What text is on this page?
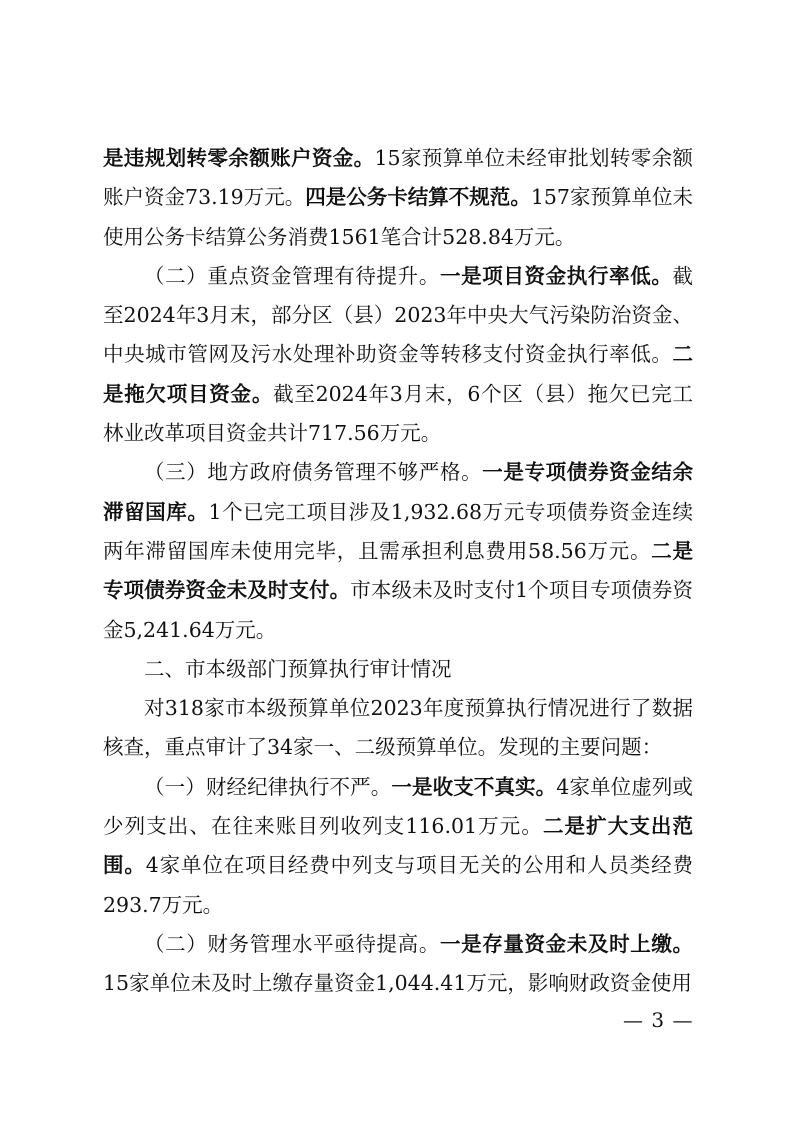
是违规划转零余额账户资金。15家预算单位未经审批划转零余额账户资金73.19万元。四是公务卡结算不规范。157家预算单位未使用公务卡结算公务消费1561笔合计528.84万元。

（二）重点资金管理有待提升。一是项目资金执行率低。截至2024年3月末，部分区（县）2023年中央大气污染防治资金、中央城市管网及污水处理补助资金等转移支付资金执行率低。二是拖欠项目资金。截至2024年3月末，6个区（县）拖欠已完工林业改革项目资金共计717.56万元。

（三）地方政府债务管理不够严格。一是专项债券资金结余滞留国库。1个已完工项目涉及1,932.68万元专项债券资金连续两年滞留国库未使用完毕，且需承担利息费用58.56万元。二是专项债券资金未及时支付。市本级未及时支付1个项目专项债券资金5,241.64万元。

二、市本级部门预算执行审计情况

对318家市本级预算单位2023年度预算执行情况进行了数据核查，重点审计了34家一、二级预算单位。发现的主要问题：

（一）财经纪律执行不严。一是收支不真实。4家单位虚列或少列支出、在往来账目列收列支116.01万元。二是扩大支出范围。4家单位在项目经费中列支与项目无关的公用和人员类经费293.7万元。

（二）财务管理水平亟待提高。一是存量资金未及时上缴。15家单位未及时上缴存量资金1,044.41万元，影响财政资金使用

— 3 —
